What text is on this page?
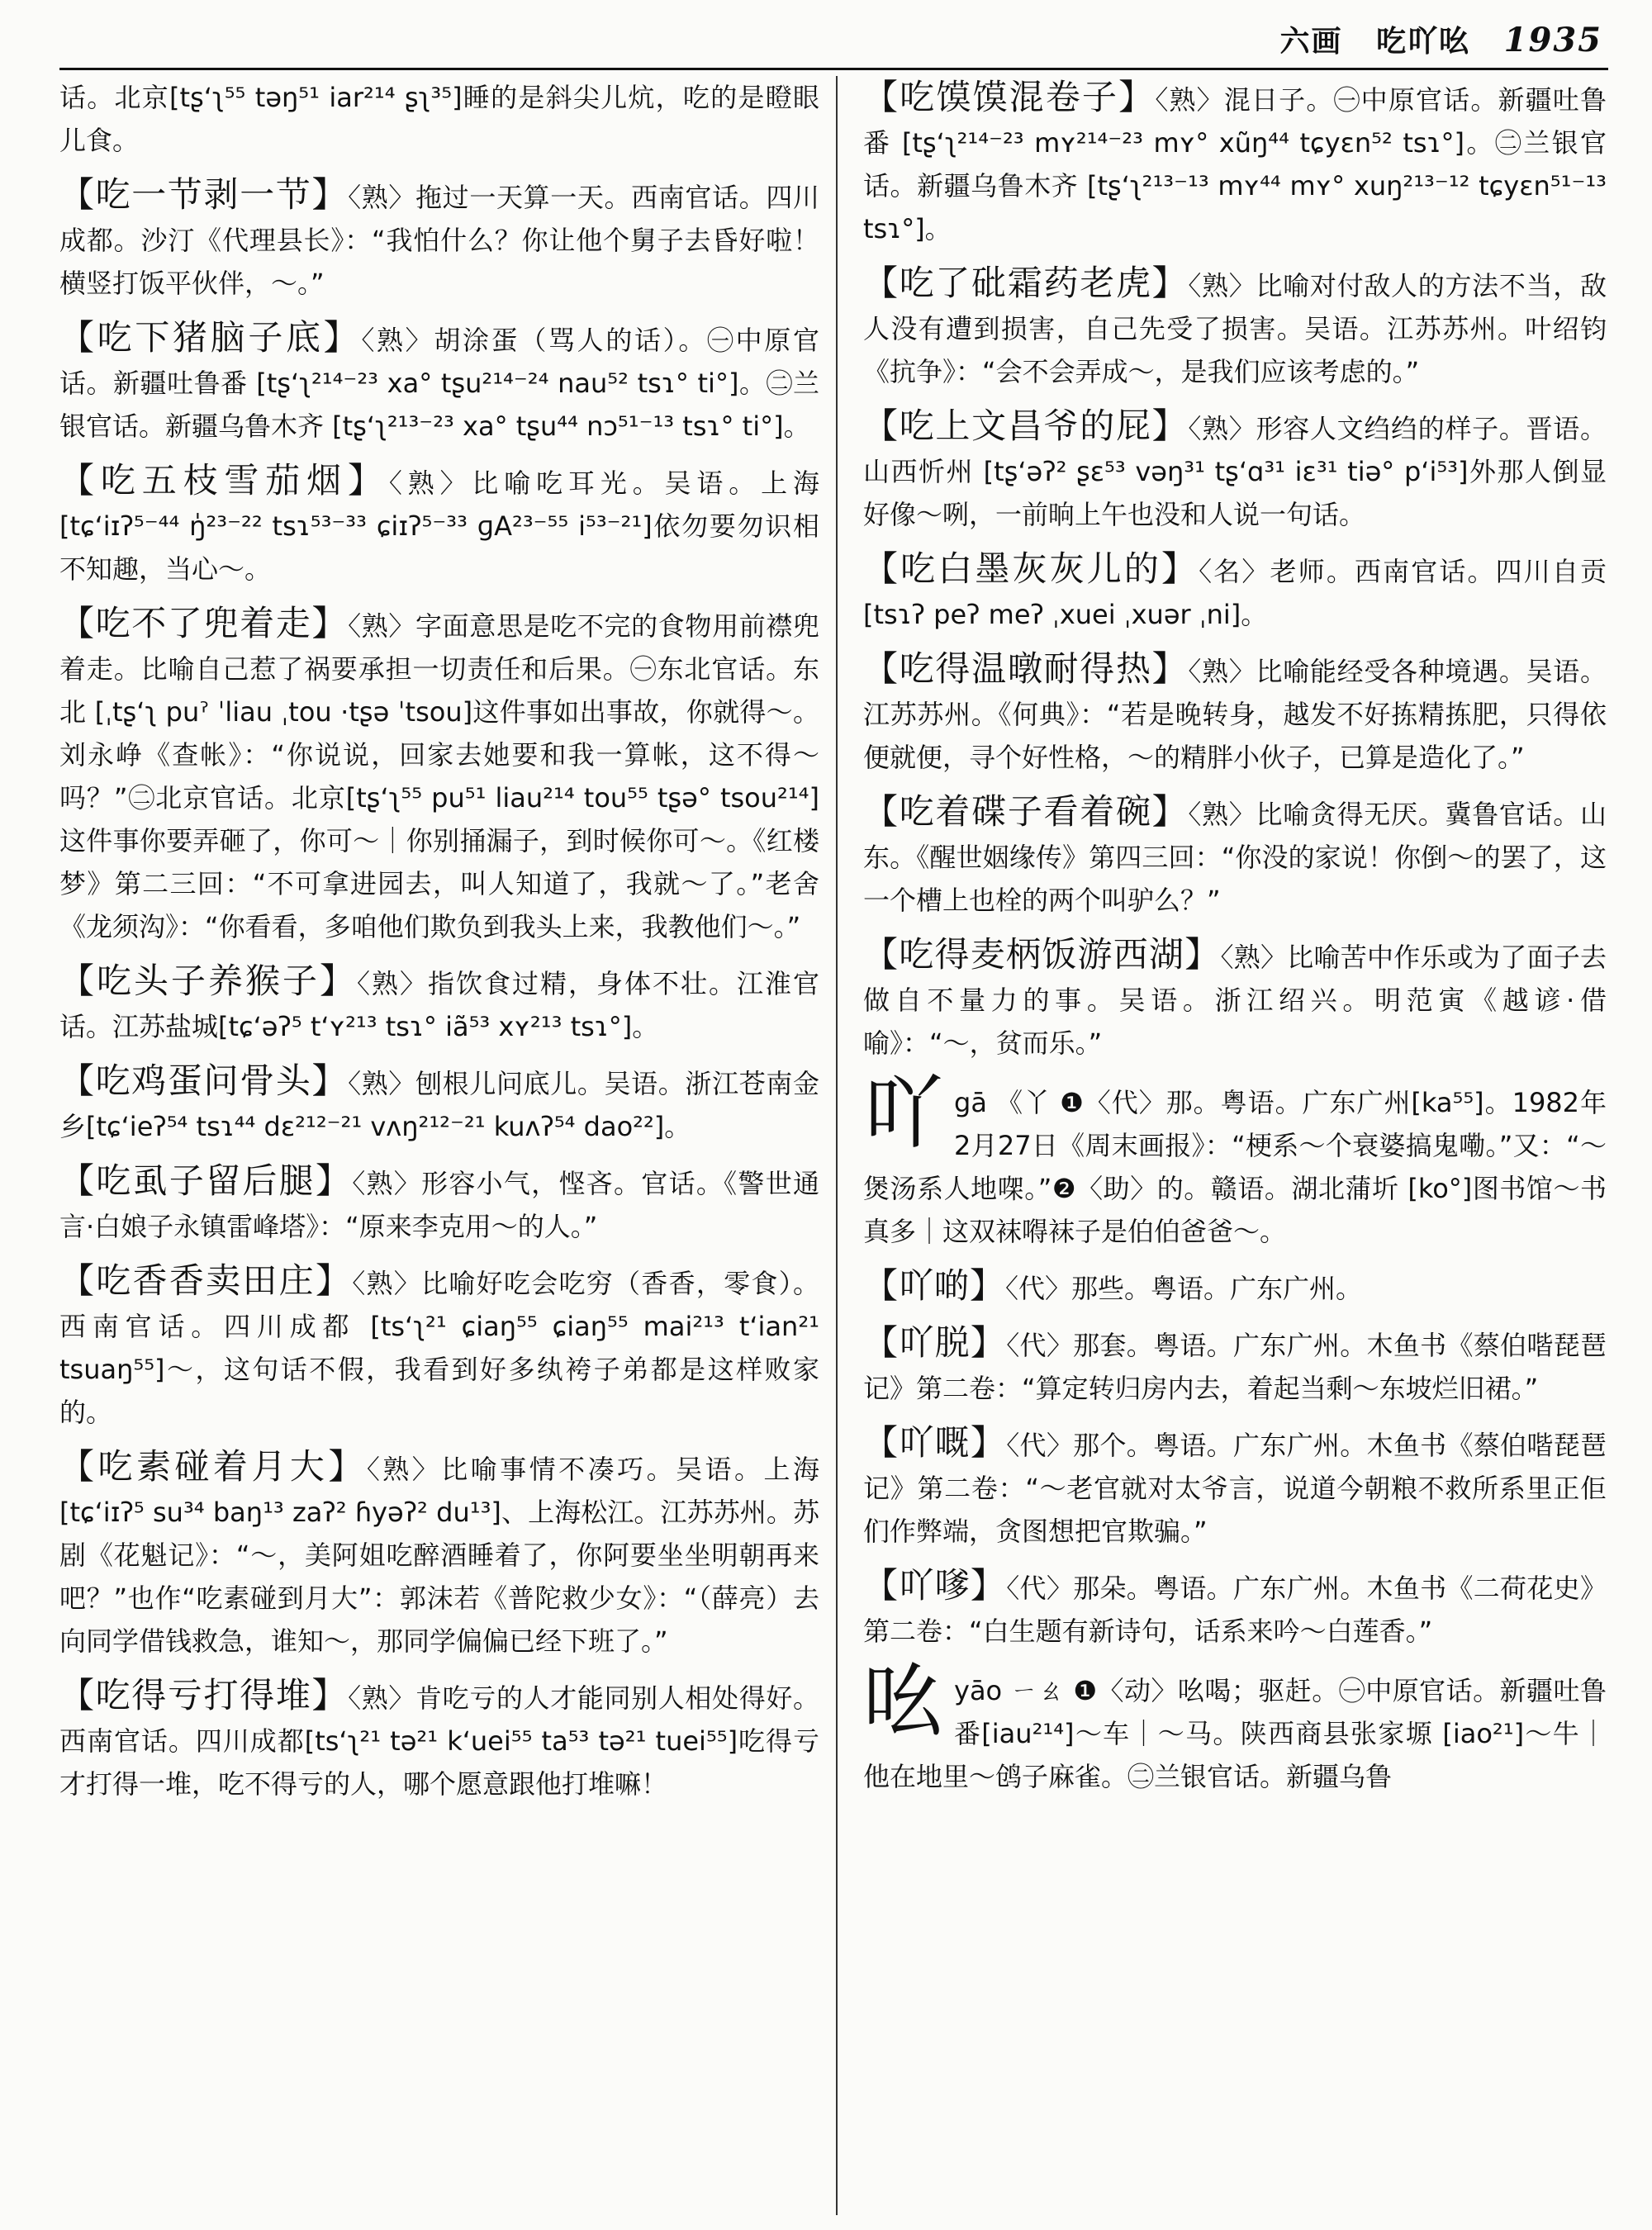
六画 吃吖吆 1935

话。北京[tʂʻʅ⁵⁵ təŋ⁵¹ iar²¹⁴ ʂʅ³⁵]睡的是斜尖儿炕，吃的是瞪眼儿食。

【吃一节剥一节】〈熟〉拖过一天算一天。西南官话。四川成都。沙汀《代理县长》：“我怕什么？你让他个舅子去昏好啦！横竖打饭平伙伴，～。”

【吃下猪脑子底】〈熟〉胡涂蛋（骂人的话）。㊀中原官话。新疆吐鲁番 [tʂʻʅ²¹⁴⁻²³ xa° tʂu²¹⁴⁻²⁴ nau⁵² tsɿ° ti°]。㊁兰银官话。新疆乌鲁木齐 [tʂʻʅ²¹³⁻²³ xa° tʂu⁴⁴ nɔ⁵¹⁻¹³ tsɿ° ti°]。

【吃五枝雪茄烟】〈熟〉比喻吃耳光。吴语。上海 [tɕʻiɪʔ⁵⁻⁴⁴ ŋ̍²³⁻²² tsɿ⁵³⁻³³ ɕiɪʔ⁵⁻³³ ɡA²³⁻⁵⁵ i⁵³⁻²¹]依勿要勿识相不知趣，当心～。

【吃不了兜着走】〈熟〉字面意思是吃不完的食物用前襟兜着走。比喻自己惹了祸要承担一切责任和后果。㊀东北官话。东北 [ˌtʂʻʅ puˀ ˈliau ˌtou ·tʂə ˈtsou]这件事如出事故，你就得～。刘永峥《查帐》：“你说说，回家去她要和我一算帐，这不得～吗？”㊁北京官话。北京[tʂʻʅ⁵⁵ pu⁵¹ liau²¹⁴ tou⁵⁵ tʂə° tsou²¹⁴]这件事你要弄砸了，你可～｜你别捅漏子，到时候你可～。《红楼梦》第二三回：“不可拿进园去，叫人知道了，我就～了。”老舍《龙须沟》：“你看看，多咱他们欺负到我头上来，我教他们～。”

【吃头子养猴子】〈熟〉指饮食过精，身体不壮。江淮官话。江苏盐城[tɕʻəʔ⁵ tʻʏ²¹³ tsɿ° iã⁵³ xʏ²¹³ tsɿ°]。

【吃鸡蛋问骨头】〈熟〉刨根儿问底儿。吴语。浙江苍南金乡[tɕʻieʔ⁵⁴ tsɿ⁴⁴ dɛ²¹²⁻²¹ vʌŋ²¹²⁻²¹ kuʌʔ⁵⁴ dao²²]。

【吃虱子留后腿】〈熟〉形容小气，悭吝。官话。《警世通言·白娘子永镇雷峰塔》：“原来李克用～的人。”

【吃香香卖田庄】〈熟〉比喻好吃会吃穷（香香，零食）。西南官话。四川成都 [tsʻʅ²¹ ɕiaŋ⁵⁵ ɕiaŋ⁵⁵ mai²¹³ tʻian²¹ tsuaŋ⁵⁵]～，这句话不假，我看到好多纨袴子弟都是这样败家的。

【吃素碰着月大】〈熟〉比喻事情不凑巧。吴语。上海 [tɕʻiɪʔ⁵ su³⁴ baŋ¹³ zaʔ² ɦyəʔ² du¹³]、上海松江。江苏苏州。苏剧《花魁记》：“～，美阿姐吃醉酒睡着了，你阿要坐坐明朝再来吧？”也作“吃素碰到月大”：郭沫若《普陀救少女》：“（薛亮）去向同学借钱救急，谁知～，那同学偏偏已经下班了。”

【吃得亏打得堆】〈熟〉肯吃亏的人才能同别人相处得好。西南官话。四川成都[tsʻʅ²¹ tə²¹ kʻuei⁵⁵ ta⁵³ tə²¹ tuei⁵⁵]吃得亏才打得一堆，吃不得亏的人，哪个愿意跟他打堆嘛！

【吃馍馍混卷子】〈熟〉混日子。㊀中原官话。新疆吐鲁番 [tʂʻʅ²¹⁴⁻²³ mʏ²¹⁴⁻²³ mʏ° xũŋ⁴⁴ tɕyɛn⁵² tsɿ°]。㊁兰银官话。新疆乌鲁木齐 [tʂʻʅ²¹³⁻¹³ mʏ⁴⁴ mʏ° xuŋ²¹³⁻¹² tɕyɛn⁵¹⁻¹³ tsɿ°]。

【吃了砒霜药老虎】〈熟〉比喻对付敌人的方法不当，敌人没有遭到损害，自己先受了损害。吴语。江苏苏州。叶绍钧《抗争》：“会不会弄成～，是我们应该考虑的。”

【吃上文昌爷的屁】〈熟〉形容人文绉绉的样子。晋语。山西忻州 [tʂʻəʔ² ʂɛ⁵³ vəŋ³¹ tʂʻɑ³¹ iɛ³¹ tiə° pʻi⁵³]外那人倒显好像～咧，一前晌上午也没和人说一句话。

【吃白墨灰灰儿的】〈名〉老师。西南官话。四川自贡[tsɿʔ peʔ meʔ ˌxuei ˌxuər ˌni]。

【吃得温暾耐得热】〈熟〉比喻能经受各种境遇。吴语。江苏苏州。《何典》：“若是晚转身，越发不好拣精拣肥，只得依便就便，寻个好性格，～的精胖小伙子，已算是造化了。”

【吃着碟子看着碗】〈熟〉比喻贪得无厌。冀鲁官话。山东。《醒世姻缘传》第四三回：“你没的家说！你倒～的罢了，这一个槽上也栓的两个叫驴么？”

【吃得麦柄饭游西湖】〈熟〉比喻苦中作乐或为了面子去做自不量力的事。吴语。浙江绍兴。明范寅《越谚·借喻》：“～，贫而乐。”

吖gā 《丫 ❶〈代〉那。粤语。广东广州[ka⁵⁵]。1982年2月27日《周末画报》：“梗系～个衰婆搞鬼嘞。”又：“～煲汤系人地㗎。”❷〈助〉的。赣语。湖北蒲圻 [ko°]图书馆～书真多｜这双袜嘚袜子是伯伯爸爸～。

【吖啲】〈代〉那些。粤语。广东广州。

【吖脱】〈代〉那套。粤语。广东广州。木鱼书《蔡伯喈琵琶记》第二卷：“算定转归房内去，着起当剩～东坡烂旧裙。”

【吖嘅】〈代〉那个。粤语。广东广州。木鱼书《蔡伯喈琵琶记》第二卷：“～老官就对太爷言，说道今朝粮不救所系里正佢们作弊端，贪图想把官欺骗。”

【吖嗲】〈代〉那朵。粤语。广东广州。木鱼书《二荷花史》第二卷：“白生题有新诗句，话系来吟～白莲香。”

吆yāo ㄧㄠ ❶〈动〉吆喝；驱赶。㊀中原官话。新疆吐鲁番[iau²¹⁴]～车｜～马。陕西商县张家塬 [iao²¹]～牛｜他在地里～鸧子麻雀。㊁兰银官话。新疆乌鲁
